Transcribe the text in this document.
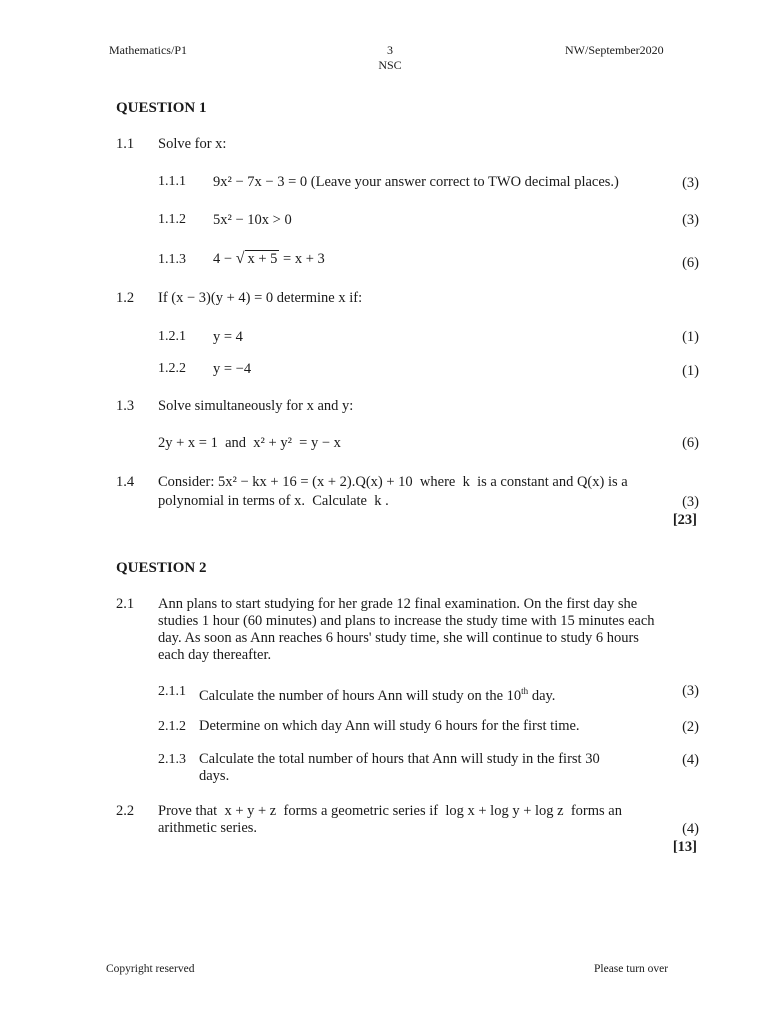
Mathematics/P1	3
NSC
NW/September2020
QUESTION 1
1.1 Solve for x:
1.1.1 9x² − 7x − 3 = 0 (Leave your answer correct to TWO decimal places.)	(3)
1.1.2 5x² − 10x > 0	(3)
1.1.3 4 − √ x + 5 = x + 3	(6)
1.2 If (x − 3)(y + 4) = 0 determine x if:
1.2.1 y = 4	(1)
1.2.2 y = −4	(1)
1.3 Solve simultaneously for x and y:
2y + x = 1  and  x² + y²  = y − x	(6)
1.4 Consider: 5x² − kx + 16 = (x + 2).Q(x) + 10  where  k  is a constant and Q(x) is a
polynomial in terms of x.  Calculate  k .	(3)
[23]
QUESTION 2
2.1 Ann plans to start studying for her grade 12 final examination. On the first day she studies 1 hour (60 minutes) and plans to increase the study time with 15 minutes each day. As soon as Ann reaches 6 hours' study time, she will continue to study 6 hours each day thereafter.
2.1.1 Calculate the number of hours Ann will study on the 10th day.	(3)
2.1.2 Determine on which day Ann will study 6 hours for the first time.	(2)
2.1.3 Calculate the total number of hours that Ann will study in the first 30 days.
(4)
2.2 Prove that  x + y + z  forms a geometric series if  log x + log y + log z  forms an
arithmetic series.	(4)
[13]
Copyright reserved	Please turn over
